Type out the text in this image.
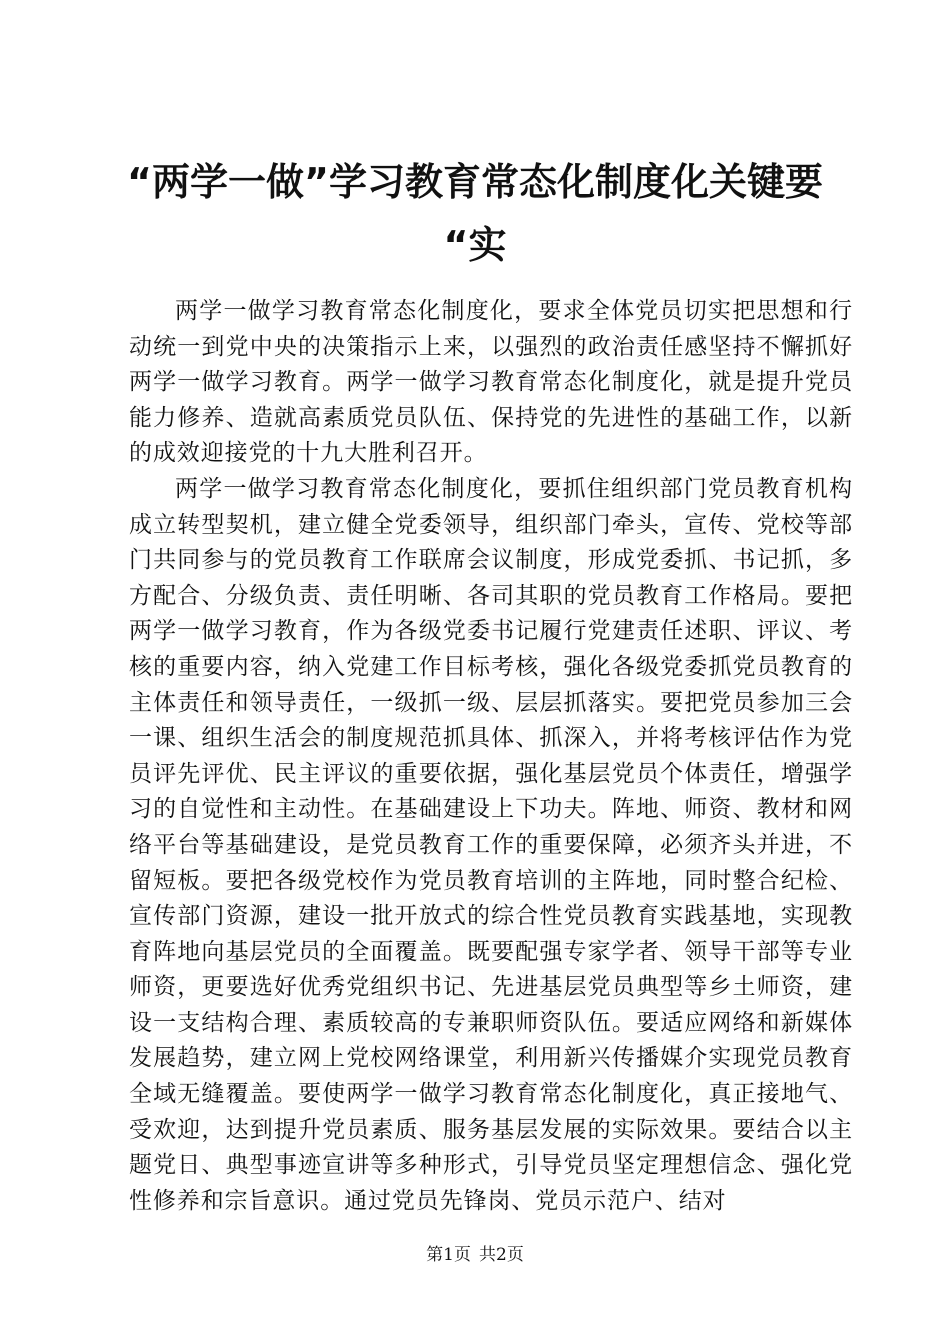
“两学一做”学习教育常态化制度化关键要
“实

两学一做学习教育常态化制度化，要求全体党员切实把思想和行动统一到党中央的决策指示上来，以强烈的政治责任感坚持不懈抓好两学一做学习教育。两学一做学习教育常态化制度化，就是提升党员能力修养、造就高素质党员队伍、保持党的先进性的基础工作，以新的成效迎接党的十九大胜利召开。

两学一做学习教育常态化制度化，要抓住组织部门党员教育机构成立转型契机，建立健全党委领导，组织部门牵头，宣传、党校等部门共同参与的党员教育工作联席会议制度，形成党委抓、书记抓，多方配合、分级负责、责任明晰、各司其职的党员教育工作格局。要把两学一做学习教育，作为各级党委书记履行党建责任述职、评议、考核的重要内容，纳入党建工作目标考核，强化各级党委抓党员教育的主体责任和领导责任，一级抓一级、层层抓落实。要把党员参加三会一课、组织生活会的制度规范抓具体、抓深入，并将考核评估作为党员评先评优、民主评议的重要依据，强化基层党员个体责任，增强学习的自觉性和主动性。在基础建设上下功夫。阵地、师资、教材和网络平台等基础建设，是党员教育工作的重要保障，必须齐头并进，不留短板。要把各级党校作为党员教育培训的主阵地，同时整合纪检、宣传部门资源，建设一批开放式的综合性党员教育实践基地，实现教育阵地向基层党员的全面覆盖。既要配强专家学者、领导干部等专业师资，更要选好优秀党组织书记、先进基层党员典型等乡土师资，建设一支结构合理、素质较高的专兼职师资队伍。要适应网络和新媒体发展趋势，建立网上党校网络课堂，利用新兴传播媒介实现党员教育全域无缝覆盖。要使两学一做学习教育常态化制度化，真正接地气、受欢迎，达到提升党员素质、服务基层发展的实际效果。要结合以主题党日、典型事迹宣讲等多种形式，引导党员坚定理想信念、强化党性修养和宗旨意识。通过党员先锋岗、党员示范户、结对

第1页 共2页
